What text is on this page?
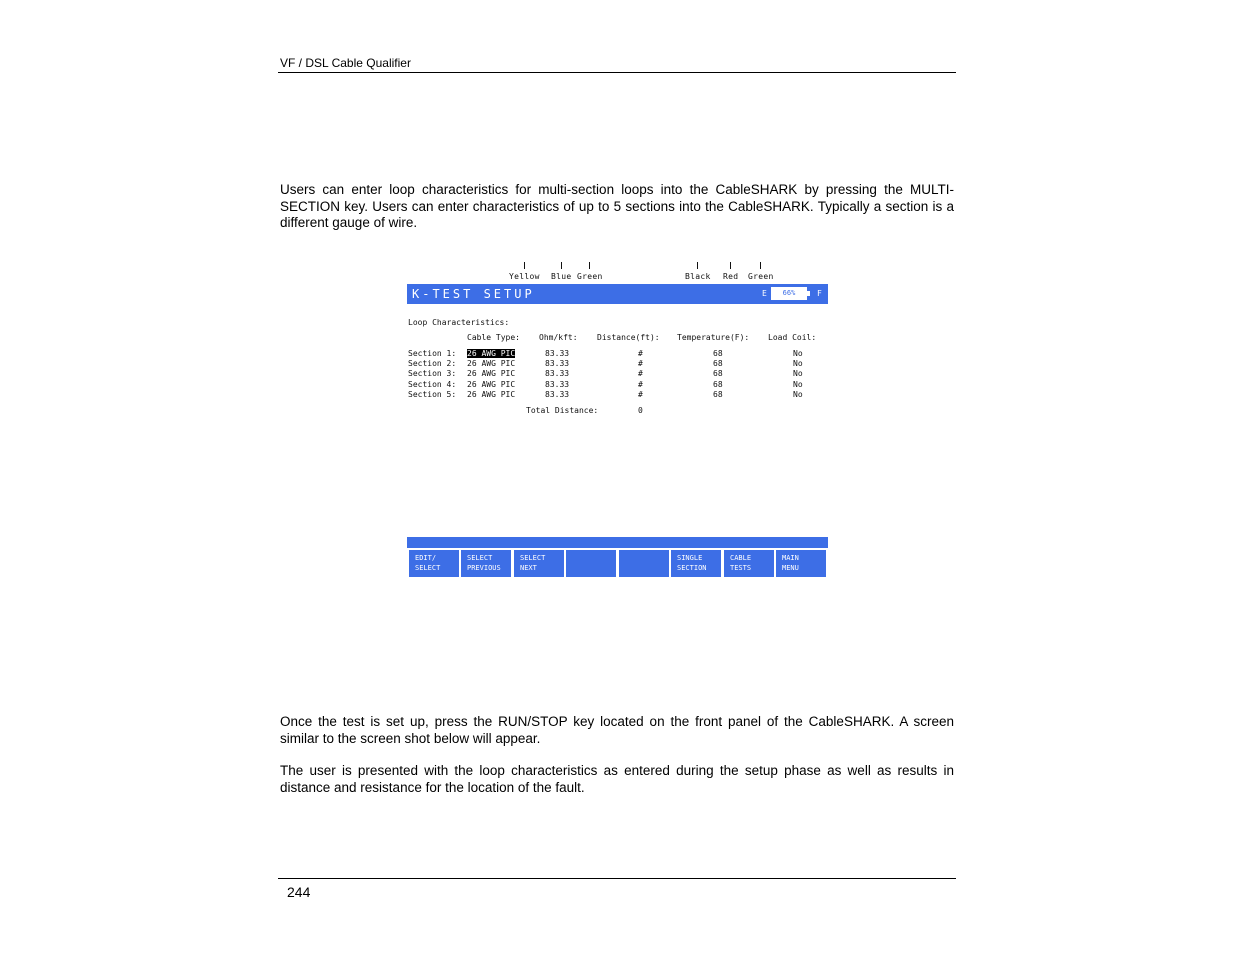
VF / DSL Cable Qualifier
Users can enter loop characteristics for multi-section loops into the CableSHARK by pressing the MULTI-SECTION key. Users can enter characteristics of up to 5 sections into the CableSHARK. Typically a section is a different gauge of wire.
Yellow Blue Green	Black Red Green
K-TEST SETUP	E	66%	F
Loop Characteristics:
Cable Type: Ohm/kft: Distance(ft): Temperature(F): Load Coil:
Section 1: 26 AWG PIC	83.33	#	68	No
Section 2: 26 AWG PIC	83.33	#	68	No
Section 3: 26 AWG PIC	83.33	#	68	No
Section 4: 26 AWG PIC	83.33	#	68	No
Section 5: 26 AWG PIC	83.33	#	68	No
Total Distance:	0
EDIT/
SELECT
SELECT
PREVIOUS
SELECT
NEXT
SINGLE
SECTION
CABLE
TESTS
MAIN
MENU
Once the test is set up, press the RUN/STOP key located on the front panel of the CableSHARK. A screen similar to the screen shot below will appear.
The user is presented with the loop characteristics as entered during the setup phase as well as results in distance and resistance for the location of the fault.
244
